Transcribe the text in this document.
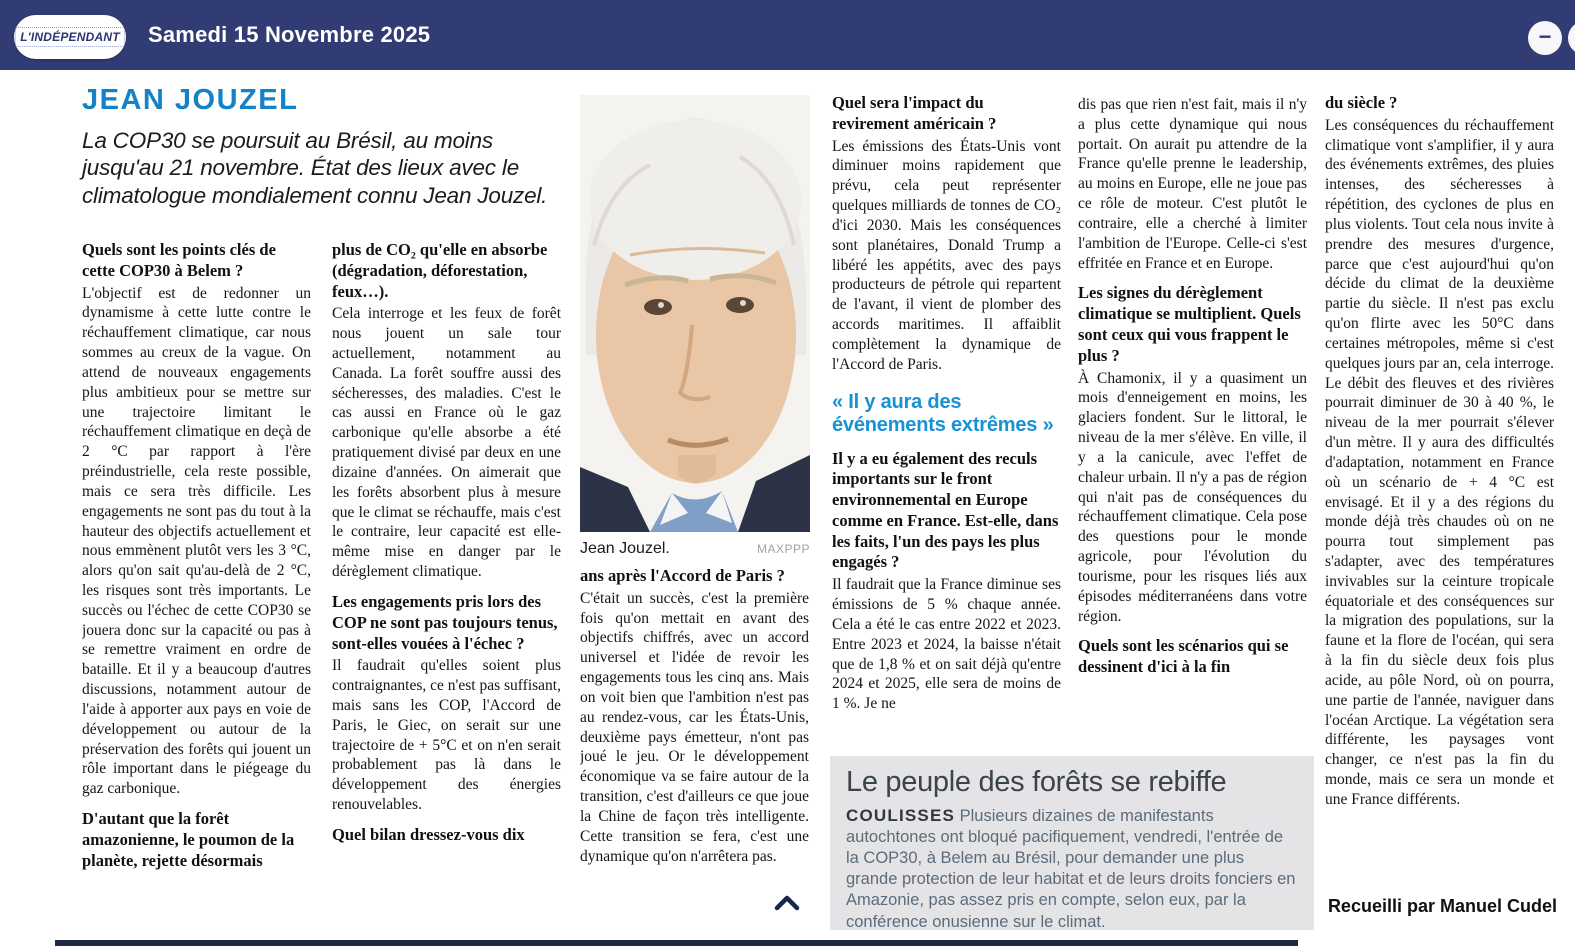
L'INDÉPENDANT Samedi 15 Novembre 2025	−
JEAN JOUZEL

La COP30 se poursuit au Brésil, au moins jusqu'au 21 novembre. État des lieux avec le climatologue mondialement connu Jean Jouzel.

Jean Jouzel.	MAXPPP

Quels sont les points clés de cette COP30 à Belem ?

L'objectif est de redonner un dynamisme à cette lutte contre le réchauffement climatique, car nous sommes au creux de la vague. On attend de nouveaux engagements plus ambitieux pour se mettre sur une trajectoire limitant le réchauffement climatique en deçà de 2 °C par rapport à l'ère préindustrielle, cela reste possible, mais ce sera très difficile. Les engagements ne sont pas du tout à la hauteur des objectifs actuellement et nous emmènent plutôt vers les 3 °C, alors qu'on sait qu'au-delà de 2 °C, les risques sont très importants. Le succès ou l'échec de cette COP30 se jouera donc sur la capacité ou pas à se remettre vraiment en ordre de bataille. Et il y a beaucoup d'autres discussions, notamment autour de l'aide à apporter aux pays en voie de développement ou autour de la préservation des forêts qui jouent un rôle important dans le piégeage du gaz carbonique.

D'autant que la forêt amazonienne, le poumon de la planète, rejette désormais

plus de CO₂ qu'elle en absorbe (dégradation, déforestation, feux…).

Cela interroge et les feux de forêt nous jouent un sale tour actuellement, notamment au Canada. La forêt souffre aussi des sécheresses, des maladies. C'est le cas aussi en France où le gaz carbonique qu'elle absorbe a été pratiquement divisé par deux en une dizaine d'années. On aimerait que les forêts absorbent plus à mesure que le climat se réchauffe, mais c'est le contraire, leur capacité est elle-même mise en danger par le dérèglement climatique.

Les engagements pris lors des COP ne sont pas toujours tenus, sont-elles vouées à l'échec ?

Il faudrait qu'elles soient plus contraignantes, ce n'est pas suffisant, mais sans les COP, l'Accord de Paris, le Giec, on serait sur une trajectoire de + 5°C et on n'en serait probablement pas là dans le développement des énergies renouvelables.

Quel bilan dressez-vous dix

ans après l'Accord de Paris ?

C'était un succès, c'est la première fois qu'on mettait en avant des objectifs chiffrés, avec un accord universel et l'idée de revoir les engagements tous les cinq ans. Mais on voit bien que l'ambition n'est pas au rendez-vous, car les États-Unis, deuxième pays émetteur, n'ont pas joué le jeu. Or le développement économique va se faire autour de la transition, c'est d'ailleurs ce que joue la Chine de façon très intelligente. Cette transition se fera, c'est une dynamique qu'on n'arrêtera pas.

Quel sera l'impact du revirement américain ?

Les émissions des États-Unis vont diminuer moins rapidement que prévu, cela peut représenter quelques milliards de tonnes de CO₂ d'ici 2030. Mais les conséquences sont planétaires, Donald Trump a libéré les appétits, avec des pays producteurs de pétrole qui repartent de l'avant, il vient de plomber des accords maritimes. Il affaiblit complètement la dynamique de l'Accord de Paris.

« Il y aura des événements extrêmes »

Il y a eu également des reculs importants sur le front environnemental en Europe comme en France. Est-elle, dans les faits, l'un des pays les plus engagés ?

Il faudrait que la France diminue ses émissions de 5 % chaque année. Cela a été le cas entre 2022 et 2023. Entre 2023 et 2024, la baisse n'était que de 1,8 % et on sait déjà qu'entre 2024 et 2025, elle sera de moins de 1 %. Je ne

dis pas que rien n'est fait, mais il n'y a plus cette dynamique qui nous portait. On aurait pu attendre de la France qu'elle prenne le leadership, au moins en Europe, elle ne joue pas ce rôle de moteur. C'est plutôt le contraire, elle a cherché à limiter l'ambition de l'Europe. Celle-ci s'est effritée en France et en Europe.

Les signes du dérèglement climatique se multiplient. Quels sont ceux qui vous frappent le plus ?

À Chamonix, il y a quasiment un mois d'enneigement en moins, les glaciers fondent. Sur le littoral, le niveau de la mer s'élève. En ville, il y a la canicule, avec l'effet de chaleur urbain. Il n'y a pas de région qui n'ait pas de conséquences du réchauffement climatique. Cela pose des questions pour le monde agricole, pour l'évolution du tourisme, pour les risques liés aux épisodes méditerranéens dans votre région.

Quels sont les scénarios qui se dessinent d'ici à la fin

du siècle ?

Les conséquences du réchauffement climatique vont s'amplifier, il y aura des événements extrêmes, des pluies intenses, des sécheresses à répétition, des cyclones de plus en plus violents. Tout cela nous invite à prendre des mesures d'urgence, parce que c'est aujourd'hui qu'on décide du climat de la deuxième partie du siècle. Il n'est pas exclu qu'on flirte avec les 50°C dans certaines métropoles, même si c'est quelques jours par an, cela interroge. Le débit des fleuves et des rivières pourrait diminuer de 30 à 40 %, le niveau de la mer pourrait s'élever d'un mètre. Il y aura des difficultés d'adaptation, notamment en France où un scénario de + 4 °C est envisagé. Et il y a des régions du monde déjà très chaudes où on ne pourra tout simplement pas s'adapter, avec des températures invivables sur la ceinture tropicale équatoriale et des conséquences sur la migration des populations, sur la faune et la flore de l'océan, qui sera à la fin du siècle deux fois plus acide, au pôle Nord, où on pourra, une partie de l'année, naviguer dans l'océan Arctique. La végétation sera différente, les paysages vont changer, ce n'est pas la fin du monde, mais ce sera un monde et une France différents.

Recueilli par Manuel Cudel
Le peuple des forêts se rebiffe

COULISSES Plusieurs dizaines de manifestants autochtones ont bloqué pacifiquement, vendredi, l'entrée de la COP30, à Belem au Brésil, pour demander une plus grande protection de leur habitat et de leurs droits fonciers en Amazonie, pas assez pris en compte, selon eux, par la conférence onusienne sur le climat.
